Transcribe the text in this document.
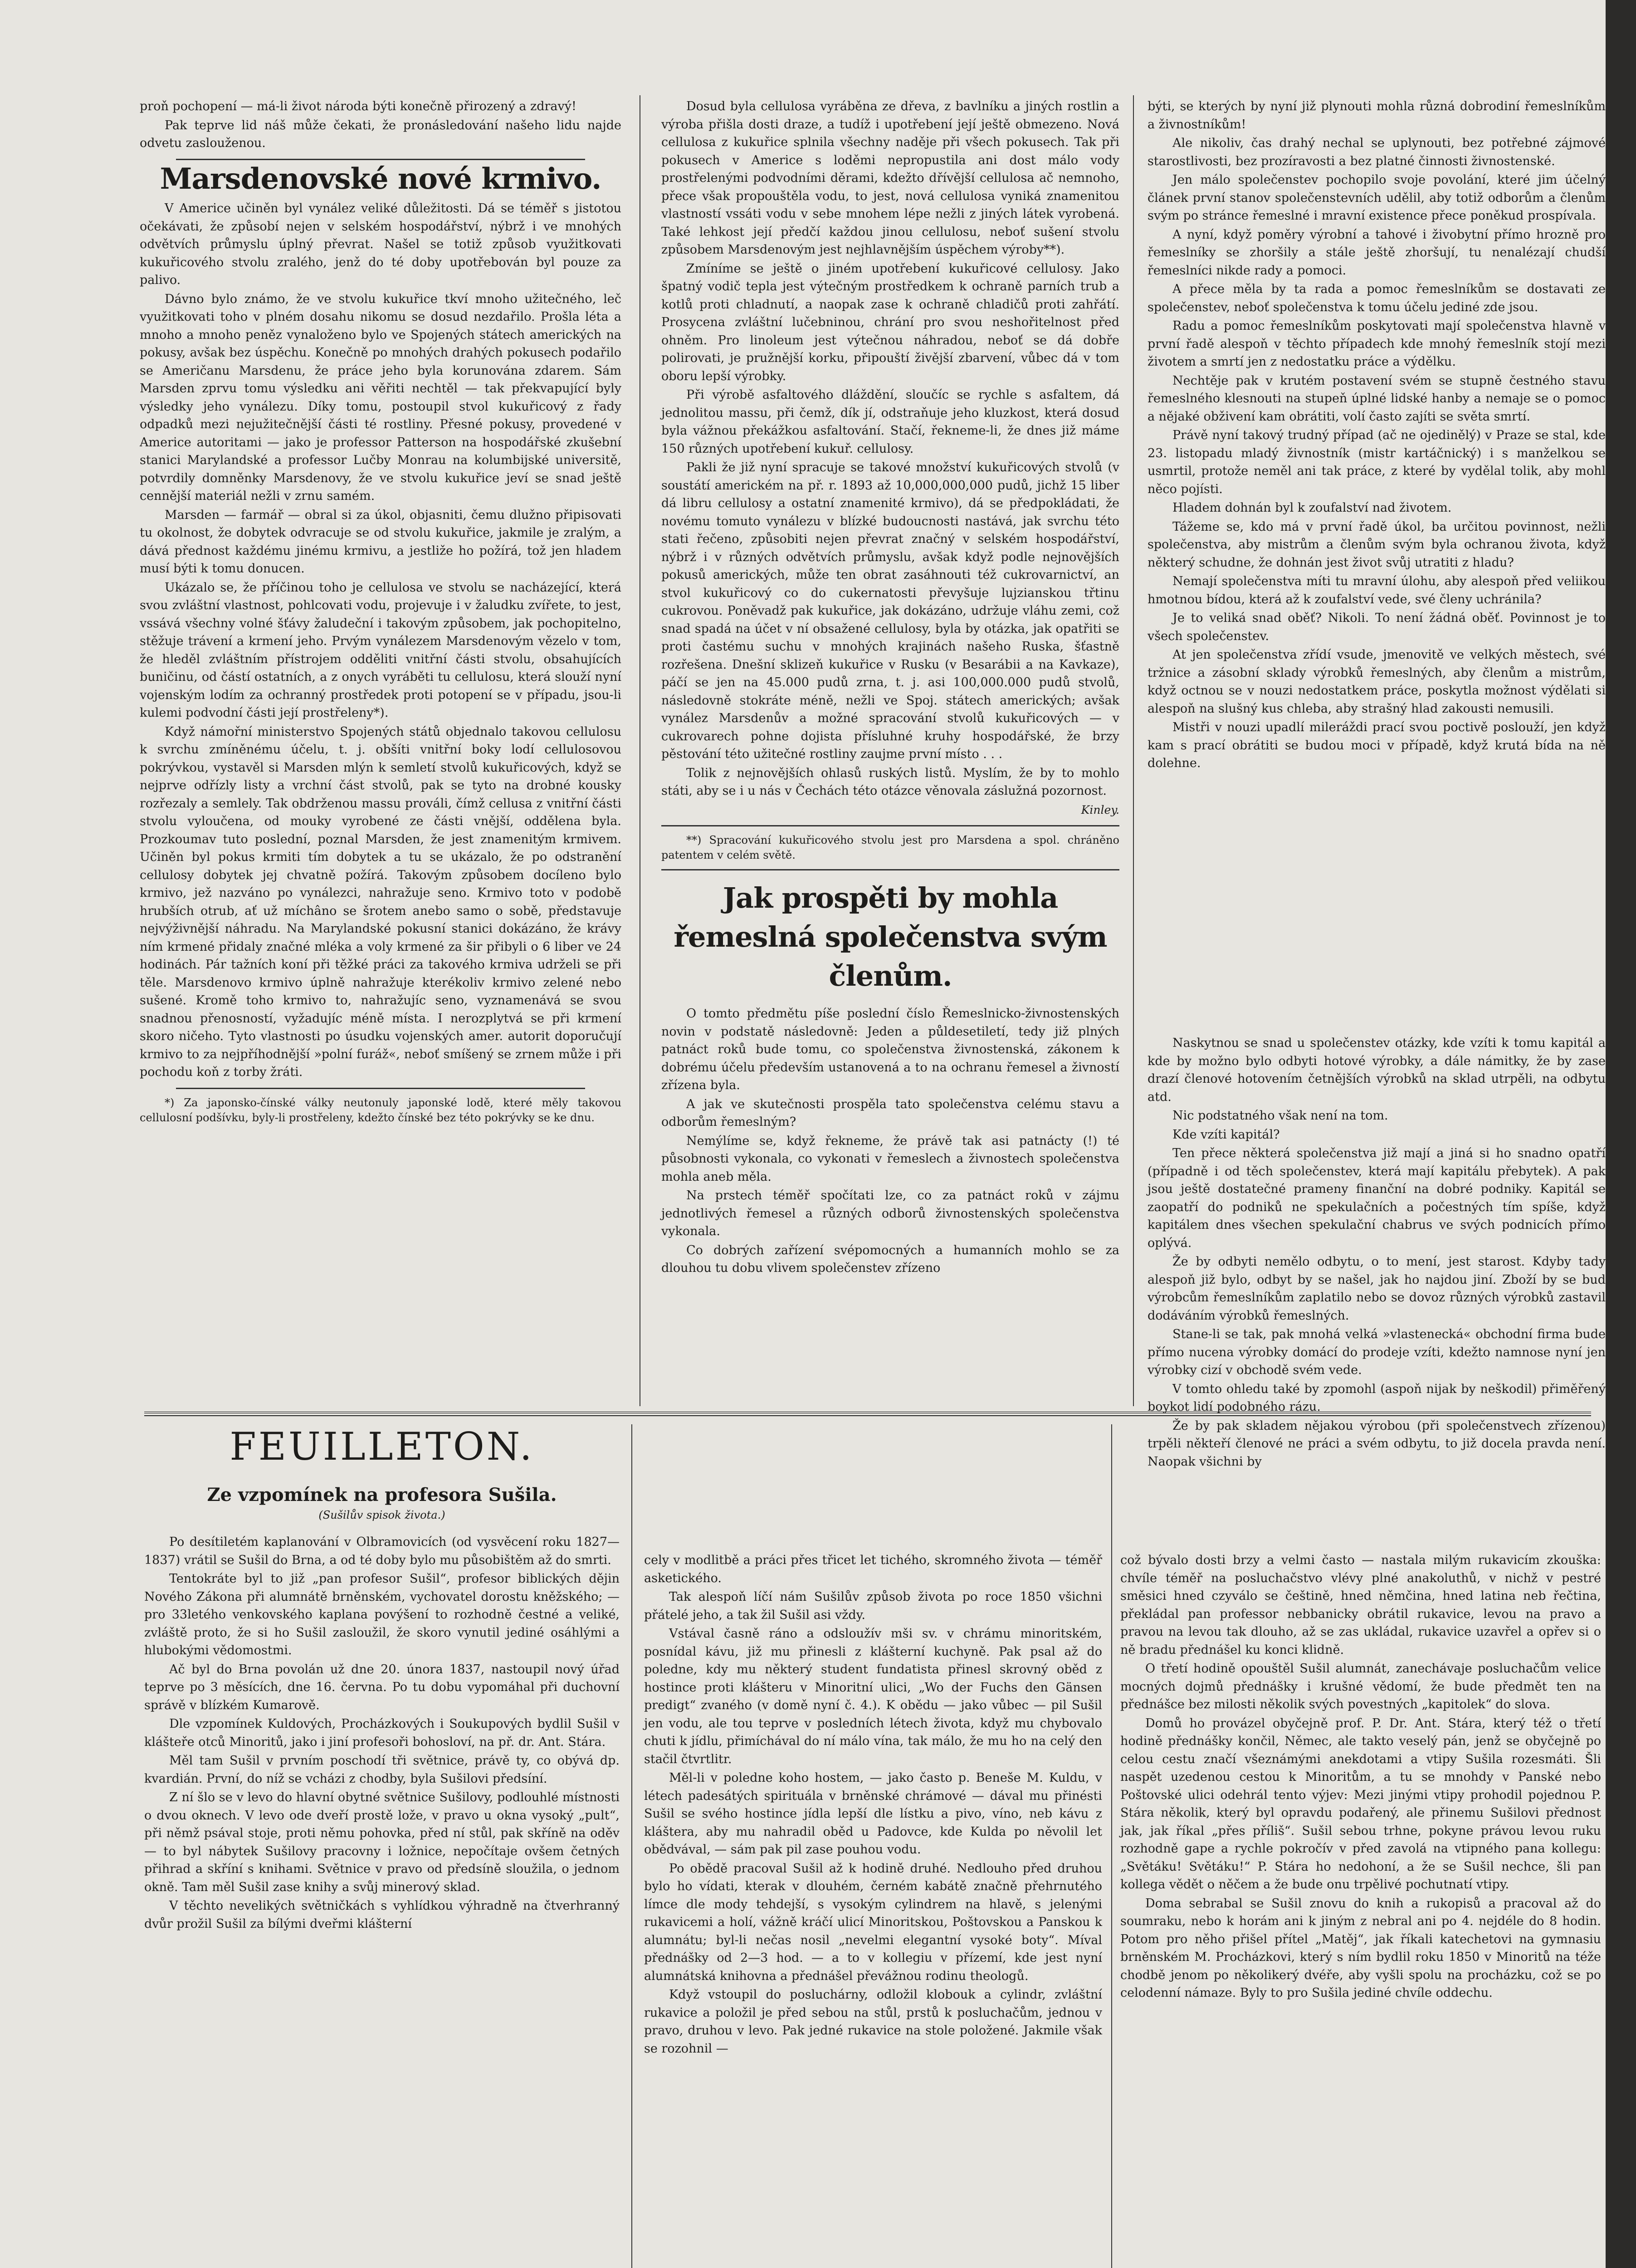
proň pochopení — má-li život národa býti konečně přirozený a zdravý!

Pak teprve lid náš může čekati, že pronásledování našeho lidu najde odvetu zaslouženou.

Marsdenovské nové krmivo.

V Americe učiněn byl vynález veliké důležitosti. Dá se téměř s jistotou očekávati, že způsobí nejen v selském hospodářství, nýbrž i ve mnohých odvětvích průmyslu úplný převrat. Našel se totiž způsob využitkovati kukuřicového stvolu zralého, jenž do té doby upotřebován byl pouze za palivo.

Dávno bylo známo, že ve stvolu kukuřice tkví mnoho užitečného, leč využitkovati toho v plném dosahu nikomu se dosud nezdařilo. Prošla léta a mnoho a mnoho peněz vynaloženo bylo ve Spojených státech amerických na pokusy, avšak bez úspěchu. Konečně po mnohých drahých pokusech podařilo se Američanu Marsdenu, že práce jeho byla korunována zdarem. Sám Marsden zprvu tomu výsledku ani věřiti nechtěl — tak překvapující byly výsledky jeho vynálezu. Díky tomu, postoupil stvol kukuřicový z řady odpadků mezi nejužitečnější části té rostliny. Přesné pokusy, provedené v Americe autoritami — jako je professor Patterson na hospodářské zkušební stanici Marylandské a professor Lučby Monrau na kolumbijské universitě, potvrdily domněnky Marsdenovy, že ve stvolu kukuřice jeví se snad ještě cennější materiál nežli v zrnu samém.

Marsden — farmář — obral si za úkol, objasniti, čemu dlužno připisovati tu okolnost, že dobytek odvracuje se od stvolu kukuřice, jakmile je zralým, a dává přednost každému jinému krmivu, a jestliže ho požírá, tož jen hladem musí býti k tomu donucen.

Ukázalo se, že příčinou toho je cellulosa ve stvolu se nacházející, která svou zvláštní vlastnost, pohlcovati vodu, projevuje i v žaludku zvířete, to jest, vssává všechny volné šťávy žaludeční i takovým způsobem, jak pochopitelno, stěžuje trávení a krmení jeho. Prvým vynálezem Marsdenovým vězelo v tom, že hleděl zvláštním přístrojem odděliti vnitřní části stvolu, obsahujících buničinu, od částí ostatních, a z onych vyráběti tu cellulosu, která slouží nyní vojenským lodím za ochranný prostředek proti potopení se v případu, jsou-li kulemi podvodní části její prostřeleny*).

Když námořní ministerstvo Spojených států objednalo takovou cellulosu k svrchu zmíněnému účelu, t. j. obšíti vnitřní boky lodí cellulosovou pokrývkou, vystavěl si Marsden mlýn k semletí stvolů kukuřicových, když se nejprve odřízly listy a vrchní část stvolů, pak se tyto na drobné kousky rozřezaly a semlely. Tak obdrženou massu prováli, čímž cellusa z vnitřní části stvolu vyloučena, od mouky vyrobené ze části vnější, oddělena byla. Prozkoumav tuto poslední, poznal Marsden, že jest znamenitým krmivem. Učiněn byl pokus krmiti tím dobytek a tu se ukázalo, že po odstranění cellulosy dobytek jej chvatně požírá. Takovým způsobem docíleno bylo krmivo, jež nazváno po vynálezci, nahražuje seno. Krmivo toto v podobě hrubších otrub, ať už míchâno se šrotem anebo samo o sobě, představuje nejvýživnější náhradu. Na Marylandské pokusní stanici dokázáno, že krávy ním krmené přidaly značné mléka a voly krmené za šir přibyli o 6 liber ve 24 hodinách. Pár tažních koní při těžké práci za takového krmiva udrželi se při těle. Marsdenovo krmivo úplně nahražuje kterékoliv krmivo zelené nebo sušené. Kromě toho krmivo to, nahražujíc seno, vyznamenává se svou snadnou přenosností, vyžadujíc méně místa. I nerozplytvá se při krmení skoro ničeho. Tyto vlastnosti po úsudku vojenských amer. autorit doporučují krmivo to za nejpříhodnější »polní furáž«, neboť smíšený se zrnem může i při pochodu koň z torby žráti.

*) Za japonsko-čínské války neutonuly japonské lodě, které měly takovou cellulosní podšívku, byly-li prostřeleny, kdežto čínské bez této pokrývky se ke dnu.

Dosud byla cellulosa vyráběna ze dřeva, z bavlníku a jiných rostlin a výroba přišla dosti draze, a tudíž i upotřebení její ještě obmezeno. Nová cellulosa z kukuřice splnila všechny naděje při všech pokusech. Tak při pokusech v Americe s loděmi nepropustila ani dost málo vody prostřelenými podvodními děrami, kdežto dřívější cellulosa ač nemnoho, přece však propouštěla vodu, to jest, nová cellulosa vyniká znamenitou vlastností vssáti vodu v sebe mnohem lépe nežli z jiných látek vyrobená. Také lehkost její předčí každou jinou cellulosu, neboť sušení stvolu způsobem Marsdenovým jest nejhlavnějším úspěchem výroby**).

Zmíníme se ještě o jiném upotřebení kukuřicové cellulosy. Jako špatný vodič tepla jest výtečným prostředkem k ochraně parních trub a kotlů proti chladnutí, a naopak zase k ochraně chladičů proti zahřátí. Prosycena zvláštní lučebninou, chrání pro svou neshořitelnost před ohněm. Pro linoleum jest výtečnou náhradou, neboť se dá dobře polirovati, je pružnější korku, připouští živější zbarvení, vůbec dá v tom oboru lepší výrobky.

Při výrobě asfaltového dláždění, sloučíc se rychle s asfaltem, dá jednolitou massu, při čemž, dík jí, odstraňuje jeho kluzkost, která dosud byla vážnou překážkou asfaltování. Stačí, řekneme-li, že dnes již máme 150 různých upotřebení kukuř. cellulosy.

Pakli že již nyní spracuje se takové množství kukuřicových stvolů (v soustátí americkém na př. r. 1893 až 10,000,000,000 pudů, jichž 15 liber dá libru cellulosy a ostatní znamenité krmivo), dá se předpokládati, že novému tomuto vynálezu v blízké budoucnosti nastává, jak svrchu této stati řečeno, způsobiti nejen převrat značný v selském hospodářství, nýbrž i v různých odvětvích průmyslu, avšak když podle nejnovějších pokusů amerických, může ten obrat zasáhnouti též cukrovarnictví, an stvol kukuřicový co do cukernatosti převyšuje lujzianskou třtinu cukrovou. Poněvadž pak kukuřice, jak dokázáno, udržuje vláhu zemi, což snad spadá na účet v ní obsažené cellulosy, byla by otázka, jak opatřiti se proti častému suchu v mnohých krajinách našeho Ruska, šťastně rozřešena. Dnešní sklizeň kukuřice v Rusku (v Besarábii a na Kavkaze), páčí se jen na 45.000 pudů zrna, t. j. asi 100,000.000 pudů stvolů, následovně stokráte méně, nežli ve Spoj. státech amerických; avšak vynález Marsdenův a možné spracování stvolů kukuřicových — v cukrovarech pohne dojista přísluhné kruhy hospodářské, že brzy pěstování této užitečné rostliny zaujme první místo . . .

Tolik z nejnovějších ohlasů ruských listů. Myslím, že by to mohlo státi, aby se i u nás v Čechách této otázce věnovala záslužná pozornost.

Kinley.

**) Spracování kukuřicového stvolu jest pro Marsdena a spol. chráněno patentem v celém světě.

Jak prospěti by mohla řemeslná společenstva svým členům.

O tomto předmětu píše poslední číslo Řemeslnicko-živnostenských novin v podstatě následovně: Jeden a půldesetiletí, tedy již plných patnáct roků bude tomu, co společenstva živnostenská, zákonem k dobrému účelu především ustanovená a to na ochranu řemesel a živností zřízena byla.

A jak ve skutečnosti prospěla tato společenstva celému stavu a odborům řemeslným?

Nemýlíme se, když řekneme, že právě tak asi patnácty (!) té působnosti vykonala, co vykonati v řemeslech a živnostech společenstva mohla aneb měla.

Na prstech téměř spočítati lze, co za patnáct roků v zájmu jednotlivých řemesel a různých odborů živnostenských společenstva vykonala.

Co dobrých zařízení svépomocných a humanních mohlo se za dlouhou tu dobu vlivem společenstev zřízeno

býti, se kterých by nyní již plynouti mohla různá dobrodiní řemeslníkům a živnostníkům!

Ale nikoliv, čas drahý nechal se uplynouti, bez potřebné zájmové starostlivosti, bez prozíravosti a bez platné činnosti živnostenské.

Jen málo společenstev pochopilo svoje povolání, které jim účelný článek první stanov společenstevních udělil, aby totiž odborům a členům svým po stránce řemeslné i mravní existence přece poněkud prospívala.

A nyní, když poměry výrobní a tahové i živobytní přímo hrozně pro řemeslníky se zhoršily a stále ještě zhoršují, tu nenalézají chudší řemeslníci nikde rady a pomoci.

A přece měla by ta rada a pomoc řemeslníkům se dostavati ze společenstev, neboť společenstva k tomu účelu jediné zde jsou.

Radu a pomoc řemeslníkům poskytovati mají společenstva hlavně v první řadě alespoň v těchto případech kde mnohý řemeslník stojí mezi životem a smrtí jen z nedostatku práce a výdělku.

Nechtěje pak v krutém postavení svém se stupně čestného stavu řemeslného klesnouti na stupeň úplné lidské hanby a nemaje se o pomoc a nějaké obživení kam obrátiti, volí často zajíti se světa smrtí.

Právě nyní takový trudný případ (ač ne ojedinělý) v Praze se stal, kde 23. listopadu mladý živnostník (mistr kartáčnický) i s manželkou se usmrtil, protože neměl ani tak práce, z které by vydělal tolik, aby mohl něco pojísti.

Hladem dohnán byl k zoufalství nad životem.

Tážeme se, kdo má v první řadě úkol, ba určitou povinnost, nežli společenstva, aby mistrům a členům svým byla ochranou života, když některý schudne, že dohnán jest život svůj utratiti z hladu?

Nemají společenstva míti tu mravní úlohu, aby alespoň před veliikou hmotnou bídou, která až k zoufalství vede, své členy uchránila?

Je to veliká snad oběť? Nikoli. To není žádná oběť. Povinnost je to všech společenstev.

At jen společenstva zřídí vsude, jmenovitě ve velkých městech, své tržnice a zásobní sklady výrobků řemeslných, aby členům a mistrům, když octnou se v nouzi nedostatkem práce, poskytla možnost výdělati si alespoň na slušný kus chleba, aby strašný hlad zakousti nemusili.

Mistři v nouzi upadlí mileráždi prací svou poctivě poslouží, jen když kam s prací obrátiti se budou moci v případě, když krutá bída na ně dolehne.

Naskytnou se snad u společenstev otázky, kde vzíti k tomu kapitál a kde by možno bylo odbyti hotové výrobky, a dále námitky, že by zase drazí členové hotovením četnějších výrobků na sklad utrpěli, na odbytu atd.

Nic podstatného však není na tom.

Kde vzíti kapitál?

Ten přece některá společenstva již mají a jiná si ho snadno opatří (případně i od těch společenstev, která mají kapitálu přebytek). A pak jsou ještě dostatečné prameny finanční na dobré podniky. Kapitál se zaopatří do podniků ne spekulačních a počestných tím spíše, když kapitálem dnes všechen spekulační chabrus ve svých podnicích přímo oplývá.

Že by odbyti nemělo odbytu, o to mení, jest starost. Kdyby tady alespoň již bylo, odbyt by se našel, jak ho najdou jiní. Zboží by se bud výrobcům řemeslníkům zaplatilo nebo se dovoz různých výrobků zastavil dodáváním výrobků řemeslných.

Stane-li se tak, pak mnohá velká »vlastenecká« obchodní firma bude přímo nucena výrobky domácí do prodeje vzíti, kdežto namnose nyní jen výrobky cizí v obchodě svém vede.

V tomto ohledu také by zpomohl (aspoň nijak by neškodil) přiměřený boykot lidí podobného rázu.

Že by pak skladem nějakou výrobou (při společenstvech zřízenou) trpěli někteří členové ne práci a svém odbytu, to již docela pravda není. Naopak všichni by

FEUILLETON.
Ze vzpomínek na profesora Sušila.
(Sušilův spisok života.)

Po desítiletém kaplanování v Olbramovicích (od vysvěcení roku 1827—1837) vrátil se Sušil do Brna, a od té doby bylo mu působištěm až do smrti.

Tentokráte byl to již „pan profesor Sušil“, profesor biblických dějin Nového Zákona při alumnátě brněnském, vychovatel dorostu kněžského; — pro 33letého venkovského kaplana povýšení to rozhodně čestné a veliké, zvláště proto, že si ho Sušil zasloužil, že skoro vynutil jediné osáhlými a hlubokými vědomostmi.

Ač byl do Brna povolán už dne 20. února 1837, nastoupil nový úřad teprve po 3 měsících, dne 16. června. Po tu dobu vypomáhal při duchovní správě v blízkém Kumarově.

Dle vzpomínek Kuldových, Procházkových i Soukupových bydlil Sušil v klášteře otců Minoritů, jako i jiní profesoři bohosloví, na př. dr. Ant. Stára.

Měl tam Sušil v prvním poschodí tři světnice, právě ty, co obývá dp. kvardián. První, do níž se vcházi z chodby, byla Sušilovi předsíní.

Z ní šlo se v levo do hlavní obytné světnice Sušilovy, podlouhlé místnosti o dvou oknech. V levo ode dveří prostě lože, v pravo u okna vysoký „pult“, při němž psával stoje, proti němu pohovka, před ní stůl, pak skříně na oděv — to byl nábytek Sušilovy pracovny i ložnice, nepočítaje ovšem četných přihrad a skříní s knihami. Světnice v pravo od předsíně sloužila, o jednom okně. Tam měl Sušil zase knihy a svůj minerový sklad.

V těchto nevelikých světničkách s vyhlídkou výhradně na čtverhranný dvůr prožil Sušil za bílými dveřmi klášterní

cely v modlitbě a práci přes třicet let tichého, skromného života — téměř asketického.

Tak alespoň líčí nám Sušilův způsob života po roce 1850 všichni přátelé jeho, a tak žil Sušil asi vždy.

Vstával časně ráno a odsloužív mši sv. v chrámu minoritském, posnídal kávu, již mu přinesli z klášterní kuchyně. Pak psal až do poledne, kdy mu některý student fundatista přinesl skrovný oběd z hostince proti klášteru v Minoritní ulici, „Wo der Fuchs den Gänsen predigt“ zvaného (v domě nyní č. 4.). K obědu — jako vůbec — pil Sušil jen vodu, ale tou teprve v posledních létech života, když mu chybovalo chuti k jídlu, přimíchával do ní málo vína, tak málo, že mu ho na celý den stačil čtvrtlitr.

Měl-li v poledne koho hostem, — jako často p. Beneše M. Kuldu, v létech padesátých spirituála v brněnské chrámové — dával mu přinésti Sušil se svého hostince jídla lepší dle lístku a pivo, víno, neb kávu z kláštera, aby mu nahradil oběd u Padovce, kde Kulda po něvolil let obědvával, — sám pak pil zase pouhou vodu.

Po obědě pracoval Sušil až k hodině druhé. Nedlouho před druhou bylo ho vídati, kterak v dlouhém, černém kabátě značně přehrnutého límce dle mody tehdejší, s vysokým cylindrem na hlavě, s jelenými rukavicemi a holí, vážně kráčí ulicí Minoritskou, Poštovskou a Panskou k alumnátu; byl-li nečas nosil „nevelmi elegantní vysoké boty“. Míval přednášky od 2—3 hod. — a to v kollegiu v přízemí, kde jest nyní alumnátská knihovna a přednášel převážnou rodinu theologů.

Když vstoupil do posluchárny, odložil klobouk a cylindr, zvláštní rukavice a položil je před sebou na stůl, prstů k posluchačům, jednou v pravo, druhou v levo. Pak jedné rukavice na stole položené. Jakmile však se rozohnil —

což bývalo dosti brzy a velmi často — nastala milým rukavicím zkouška: chvíle téměř na posluchačstvo vlévy plné anakoluthů, v nichž v pestré směsici hned czyválo se češtině, hned němčina, hned latina neb řečtina, překládal pan professor nebbanicky obrátil rukavice, levou na pravo a pravou na levou tak dlouho, až se zas ukládal, rukavice uzavřel a opřev si o ně bradu přednášel ku konci klidně.

O třetí hodině opouštěl Sušil alumnát, zanechávaje posluchačům velice mocných dojmů přednášky i krušné vědomí, že bude předmět ten na přednášce bez milosti několik svých povestných „kapitolek“ do slova.

Domů ho provázel obyčejně prof. P. Dr. Ant. Stára, který též o třetí hodině přednášky končil, Němec, ale takto veselý pán, jenž se obyčejně po celou cestu značí všeznámými anekdotami a vtipy Sušila rozesmáti. Šli naspět uzedenou cestou k Minoritům, a tu se mnohdy v Panské nebo Poštovské ulici odehrál tento výjev: Mezi jinými vtipy prohodil pojednou P. Stára několik, který byl opravdu podařený, ale přinemu Sušilovi přednost jak, jak říkal „přes příliš“. Sušil sebou trhne, pokyne právou levou ruku rozhodně gape a rychle pokročív v před zavolá na vtipného pana kollegu: „Světáku! Světáku!“ P. Stára ho nedohoní, a že se Sušil nechce, šli pan kollega vědět o něčem a že bude onu trpělivé pochutnatí vtipy.

Doma sebrabal se Sušil znovu do knih a rukopisů a pracoval až do soumraku, nebo k horám ani k jiným z nebral ani po 4. nejdéle do 8 hodin. Potom pro něho přišel přítel „Matěj“, jak říkali katechetovi na gymnasiu brněnském M. Procházkovi, který s ním bydlil roku 1850 v Minoritů na téže chodbě jenom po několikerý dvéře, aby vyšli spolu na procházku, což se po celodenní námaze. Byly to pro Sušila jediné chvíle oddechu.
